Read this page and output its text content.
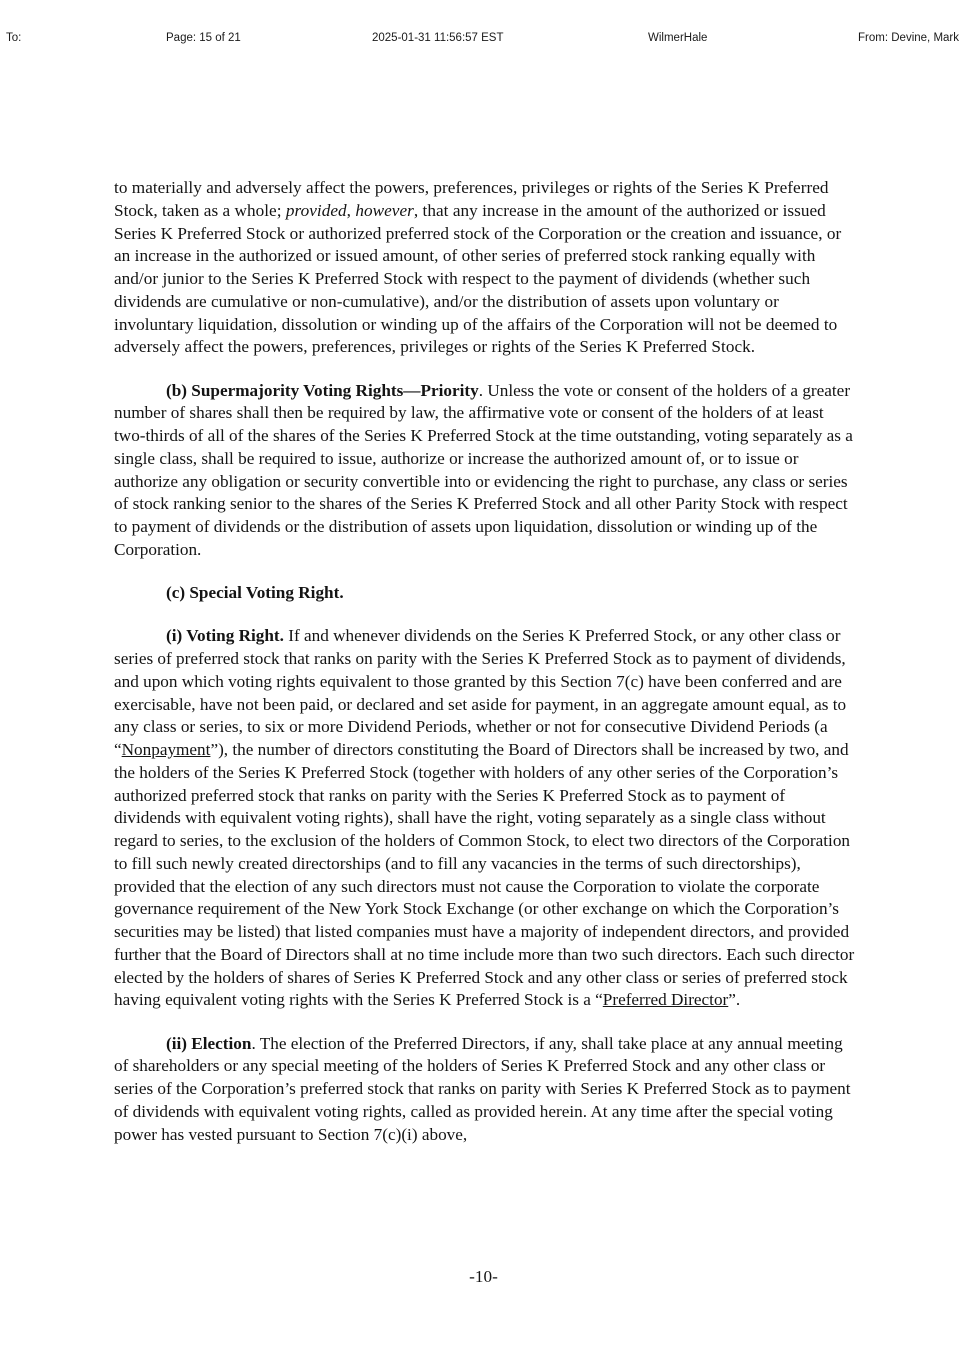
To:	Page: 15 of 21	2025-01-31 11:56:57 EST	WilmerHale	From: Devine, Mark

to materially and adversely affect the powers, preferences, privileges or rights of the Series K Preferred Stock, taken as a whole; provided, however, that any increase in the amount of the authorized or issued Series K Preferred Stock or authorized preferred stock of the Corporation or the creation and issuance, or an increase in the authorized or issued amount, of other series of preferred stock ranking equally with and/or junior to the Series K Preferred Stock with respect to the payment of dividends (whether such dividends are cumulative or non-cumulative), and/or the distribution of assets upon voluntary or involuntary liquidation, dissolution or winding up of the affairs of the Corporation will not be deemed to adversely affect the powers, preferences, privileges or rights of the Series K Preferred Stock.

(b) Supermajority Voting Rights—Priority. Unless the vote or consent of the holders of a greater number of shares shall then be required by law, the affirmative vote or consent of the holders of at least two-thirds of all of the shares of the Series K Preferred Stock at the time outstanding, voting separately as a single class, shall be required to issue, authorize or increase the authorized amount of, or to issue or authorize any obligation or security convertible into or evidencing the right to purchase, any class or series of stock ranking senior to the shares of the Series K Preferred Stock and all other Parity Stock with respect to payment of dividends or the distribution of assets upon liquidation, dissolution or winding up of the Corporation.

(c) Special Voting Right.

(i) Voting Right. If and whenever dividends on the Series K Preferred Stock, or any other class or series of preferred stock that ranks on parity with the Series K Preferred Stock as to payment of dividends, and upon which voting rights equivalent to those granted by this Section 7(c) have been conferred and are exercisable, have not been paid, or declared and set aside for payment, in an aggregate amount equal, as to any class or series, to six or more Dividend Periods, whether or not for consecutive Dividend Periods (a “Nonpayment”), the number of directors constituting the Board of Directors shall be increased by two, and the holders of the Series K Preferred Stock (together with holders of any other series of the Corporation’s authorized preferred stock that ranks on parity with the Series K Preferred Stock as to payment of dividends with equivalent voting rights), shall have the right, voting separately as a single class without regard to series, to the exclusion of the holders of Common Stock, to elect two directors of the Corporation to fill such newly created directorships (and to fill any vacancies in the terms of such directorships), provided that the election of any such directors must not cause the Corporation to violate the corporate governance requirement of the New York Stock Exchange (or other exchange on which the Corporation’s securities may be listed) that listed companies must have a majority of independent directors, and provided further that the Board of Directors shall at no time include more than two such directors. Each such director elected by the holders of shares of Series K Preferred Stock and any other class or series of preferred stock having equivalent voting rights with the Series K Preferred Stock is a “Preferred Director”.

(ii) Election. The election of the Preferred Directors, if any, shall take place at any annual meeting of shareholders or any special meeting of the holders of Series K Preferred Stock and any other class or series of the Corporation’s preferred stock that ranks on parity with Series K Preferred Stock as to payment of dividends with equivalent voting rights, called as provided herein. At any time after the special voting power has vested pursuant to Section 7(c)(i) above,

-10-
